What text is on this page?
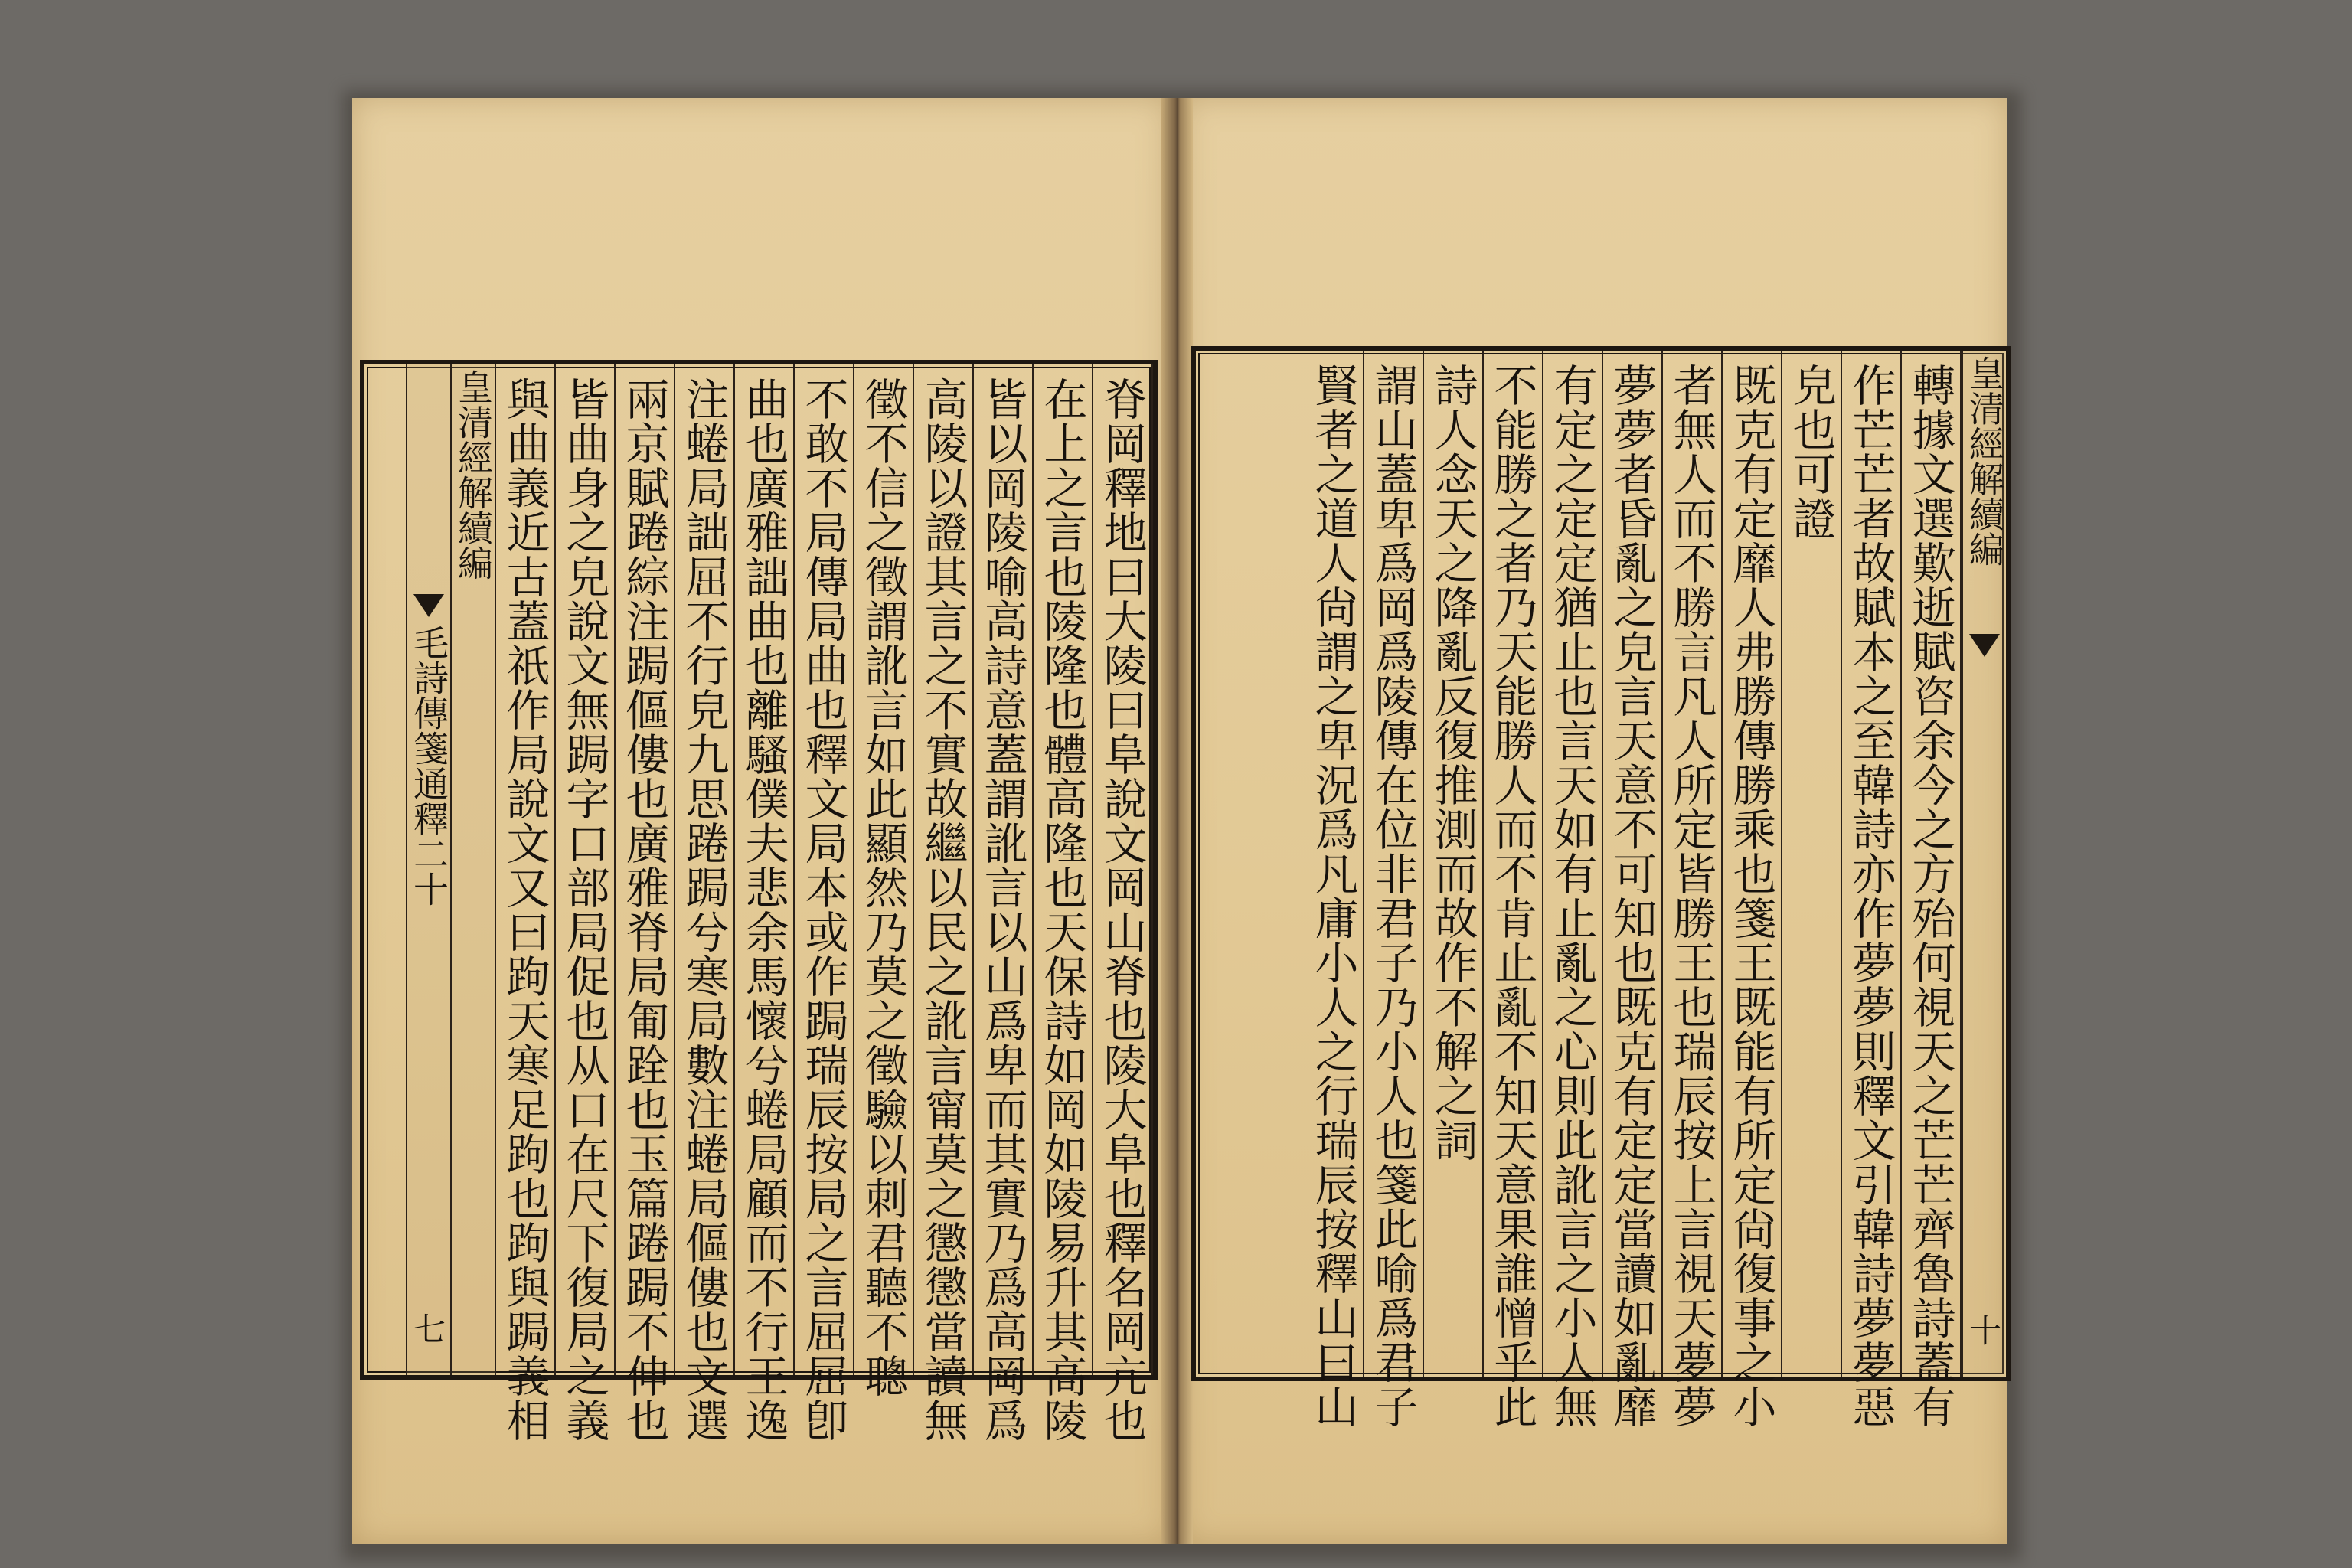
脊岡釋地曰大陵曰阜說文岡山脊也陵大阜也釋名岡亢也
在上之言也陵隆也體高隆也天保詩如岡如陵易升其高陵
皆以岡陵喻高詩意蓋謂訛言以山爲卑而其實乃爲高岡爲
高陵以證其言之不實故繼以民之訛言甯莫之懲懲當讀無
徵不信之徵謂訛言如此顯然乃莫之徵驗以刺君聽不聰
不敢不局傳局曲也釋文局本或作跼瑞辰按局之言屈屈卽
曲也廣雅詘曲也離騷僕夫悲余馬懷兮蜷局顧而不行王逸
注蜷局詘屈不行皃九思踡跼兮寒局數注蜷局傴僂也文選
兩京賦踡綜注跼傴僂也廣雅脊局匍跧也玉篇踡跼不伸也
皆曲身之皃說文無跼字口部局促也从口在尺下復局之義
與曲義近古蓋祇作局說文又曰跔天寒足跔也跔與跼義相
皇清經解續編
毛詩傳箋通釋二十
七
皇清經解續編
十
轉據文選歎逝賦咨余今之方殆何視天之芒芒齊魯詩蓋有
作芒芒者故賦本之至韓詩亦作夢夢則釋文引韓詩夢夢惡
皃也可證
既克有定靡人弗勝傳勝乘也箋王既能有所定尙復事之小
者無人而不勝言凡人所定皆勝王也瑞辰按上言視天夢夢
夢夢者昏亂之皃言天意不可知也既克有定定當讀如亂靡
有定之定定猶止也言天如有止亂之心則此訛言之小人無
不能勝之者乃天能勝人而不肯止亂不知天意果誰憎乎此
詩人念天之降亂反復推測而故作不解之詞
謂山蓋卑爲岡爲陵傳在位非君子乃小人也箋此喻爲君子
賢者之道人尙謂之卑況爲凡庸小人之行瑞辰按釋山曰山
